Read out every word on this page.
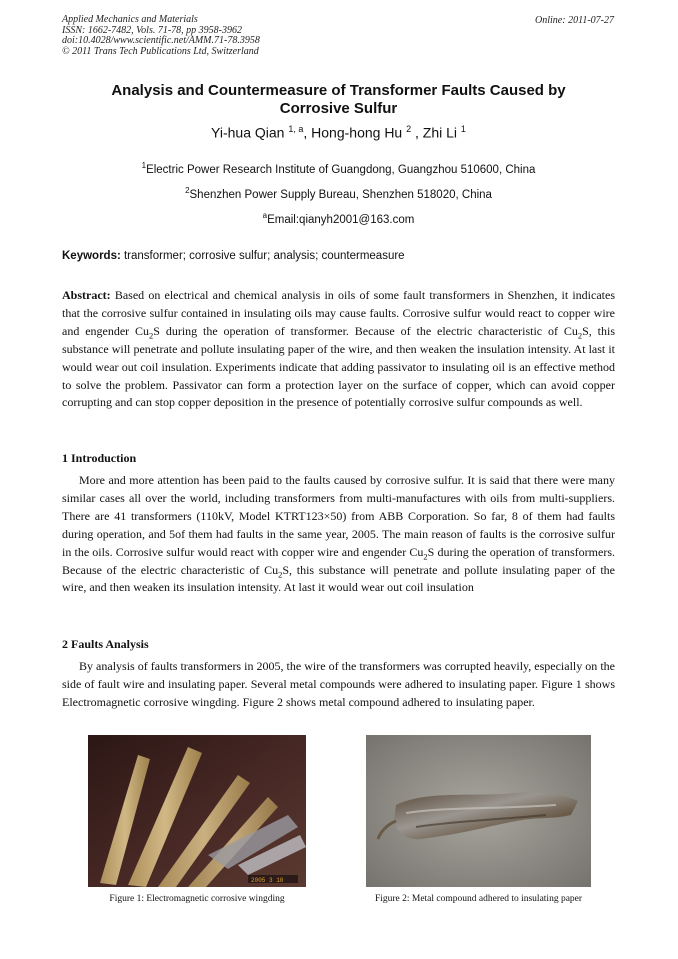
Applied Mechanics and Materials
ISSN: 1662-7482, Vols. 71-78, pp 3958-3962
doi:10.4028/www.scientific.net/AMM.71-78.3958
© 2011 Trans Tech Publications Ltd, Switzerland
Online: 2011-07-27
Analysis and Countermeasure of Transformer Faults Caused by
Corrosive Sulfur
Yi-hua Qian $^{1, a}$, Hong-hong Hu $^2$ , Zhi Li $^1$
$^1$Electric Power Research Institute of Guangdong, Guangzhou 510600, China
$^2$Shenzhen Power Supply Bureau, Shenzhen 518020, China
$^a$Email:qianyh2001@163.com
Keywords: transformer; corrosive sulfur; analysis; countermeasure
Abstract: Based on electrical and chemical analysis in oils of some fault transformers in Shenzhen, it indicates that the corrosive sulfur contained in insulating oils may cause faults. Corrosive sulfur would react to copper wire and engender $Cu_2S$ during the operation of transformer. Because of the electric characteristic of $Cu_2S$, this substance will penetrate and pollute insulating paper of the wire, and then weaken the insulation intensity. At last it would wear out coil insulation. Experiments indicate that adding passivator to insulating oil is an effective method to solve the problem. Passivator can form a protection layer on the surface of copper, which can avoid copper corrupting and can stop copper deposition in the presence of potentially corrosive sulfur compounds as well.
1 Introduction
More and more attention has been paid to the faults caused by corrosive sulfur. It is said that there were many similar cases all over the world, including transformers from multi-manufactures with oils from multi-suppliers. There are 41 transformers (110kV, Model KTRT123×50) from ABB Corporation. So far, 8 of them had faults during operation, and 5of them had faults in the same year, 2005. The main reason of faults is the corrosive sulfur in the oils. Corrosive sulfur would react with copper wire and engender $Cu_2S$ during the operation of transformers. Because of the electric characteristic of $Cu_2S$, this substance will penetrate and pollute insulating paper of the wire, and then weaken its insulation intensity. At last it would wear out coil insulation
2 Faults Analysis
By analysis of faults transformers in 2005, the wire of the transformers was corrupted heavily, especially on the side of fault wire and insulating paper. Several metal compounds were adhered to insulating paper. Figure 1 shows Electromagnetic corrosive wingding. Figure 2 shows metal compound adhered to insulating paper.
2005 3 10
Figure 1: Electromagnetic corrosive wingding	Figure 2: Metal compound adhered to insulating paper
